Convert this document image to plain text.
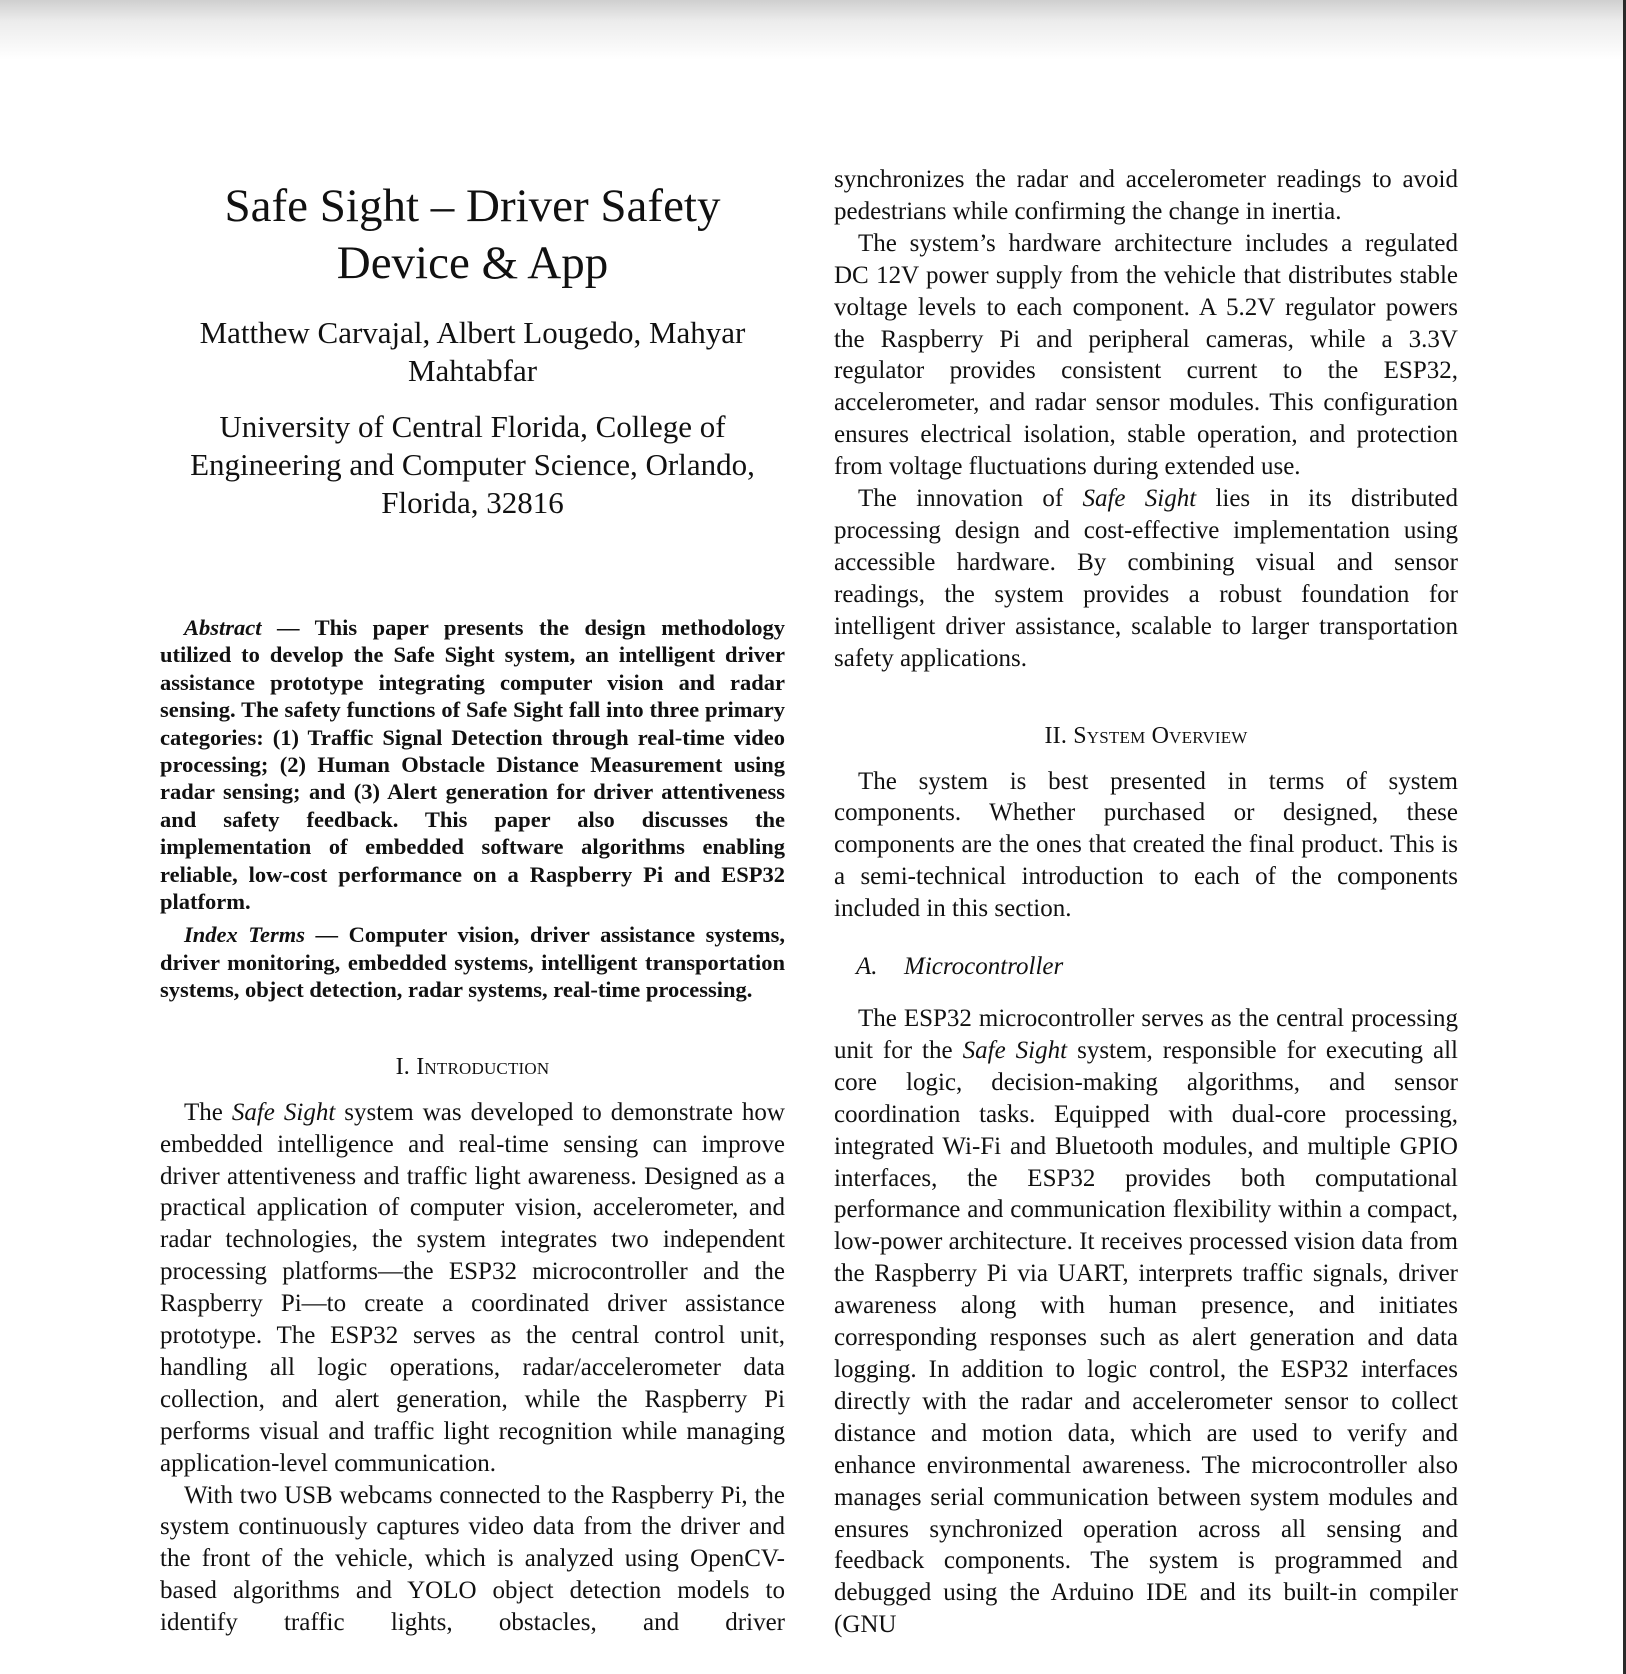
Safe Sight – Driver Safety
Device & App

Matthew Carvajal, Albert Lougedo, Mahyar
Mahtabfar

University of Central Florida, College of
Engineering and Computer Science, Orlando,
Florida, 32816

Abstract — This paper presents the design methodology utilized to develop the Safe Sight system, an intelligent driver assistance prototype integrating computer vision and radar sensing. The safety functions of Safe Sight fall into three primary categories: (1) Traffic Signal Detection through real-time video processing; (2) Human Obstacle Distance Measurement using radar sensing; and (3) Alert generation for driver attentiveness and safety feedback. This paper also discusses the implementation of embedded software algorithms enabling reliable, low-cost performance on a Raspberry Pi and ESP32 platform.

Index Terms — Computer vision, driver assistance systems, driver monitoring, embedded systems, intelligent transportation systems, object detection, radar systems, real-time processing.

I. Introduction

The Safe Sight system was developed to demonstrate how embedded intelligence and real-time sensing can improve driver attentiveness and traffic light awareness. Designed as a practical application of computer vision, accelerometer, and radar technologies, the system integrates two independent processing platforms—the ESP32 microcontroller and the Raspberry Pi—to create a coordinated driver assistance prototype. The ESP32 serves as the central control unit, handling all logic operations, radar/accelerometer data collection, and alert generation, while the Raspberry Pi performs visual and traffic light recognition while managing application-level communication.

With two USB webcams connected to the Raspberry Pi, the system continuously captures video data from the driver and the front of the vehicle, which is analyzed using OpenCV-based algorithms and YOLO object detection models to identify traffic lights, obstacles, and driver

synchronizes the radar and accelerometer readings to avoid pedestrians while confirming the change in inertia.

The system’s hardware architecture includes a regulated DC 12V power supply from the vehicle that distributes stable voltage levels to each component. A 5.2V regulator powers the Raspberry Pi and peripheral cameras, while a 3.3V regulator provides consistent current to the ESP32, accelerometer, and radar sensor modules. This configuration ensures electrical isolation, stable operation, and protection from voltage fluctuations during extended use.

The innovation of Safe Sight lies in its distributed processing design and cost-effective implementation using accessible hardware. By combining visual and sensor readings, the system provides a robust foundation for intelligent driver assistance, scalable to larger transportation safety applications.

II. System Overview

The system is best presented in terms of system components. Whether purchased or designed, these components are the ones that created the final product. This is a semi-technical introduction to each of the components included in this section.

A. Microcontroller

The ESP32 microcontroller serves as the central processing unit for the Safe Sight system, responsible for executing all core logic, decision-making algorithms, and sensor coordination tasks. Equipped with dual-core processing, integrated Wi-Fi and Bluetooth modules, and multiple GPIO interfaces, the ESP32 provides both computational performance and communication flexibility within a compact, low-power architecture. It receives processed vision data from the Raspberry Pi via UART, interprets traffic signals, driver awareness along with human presence, and initiates corresponding responses such as alert generation and data logging. In addition to logic control, the ESP32 interfaces directly with the radar and accelerometer sensor to collect distance and motion data, which are used to verify and enhance environmental awareness. The microcontroller also manages serial communication between system modules and ensures synchronized operation across all sensing and feedback components. The system is programmed and debugged using the Arduino IDE and its built-in compiler (GNU
